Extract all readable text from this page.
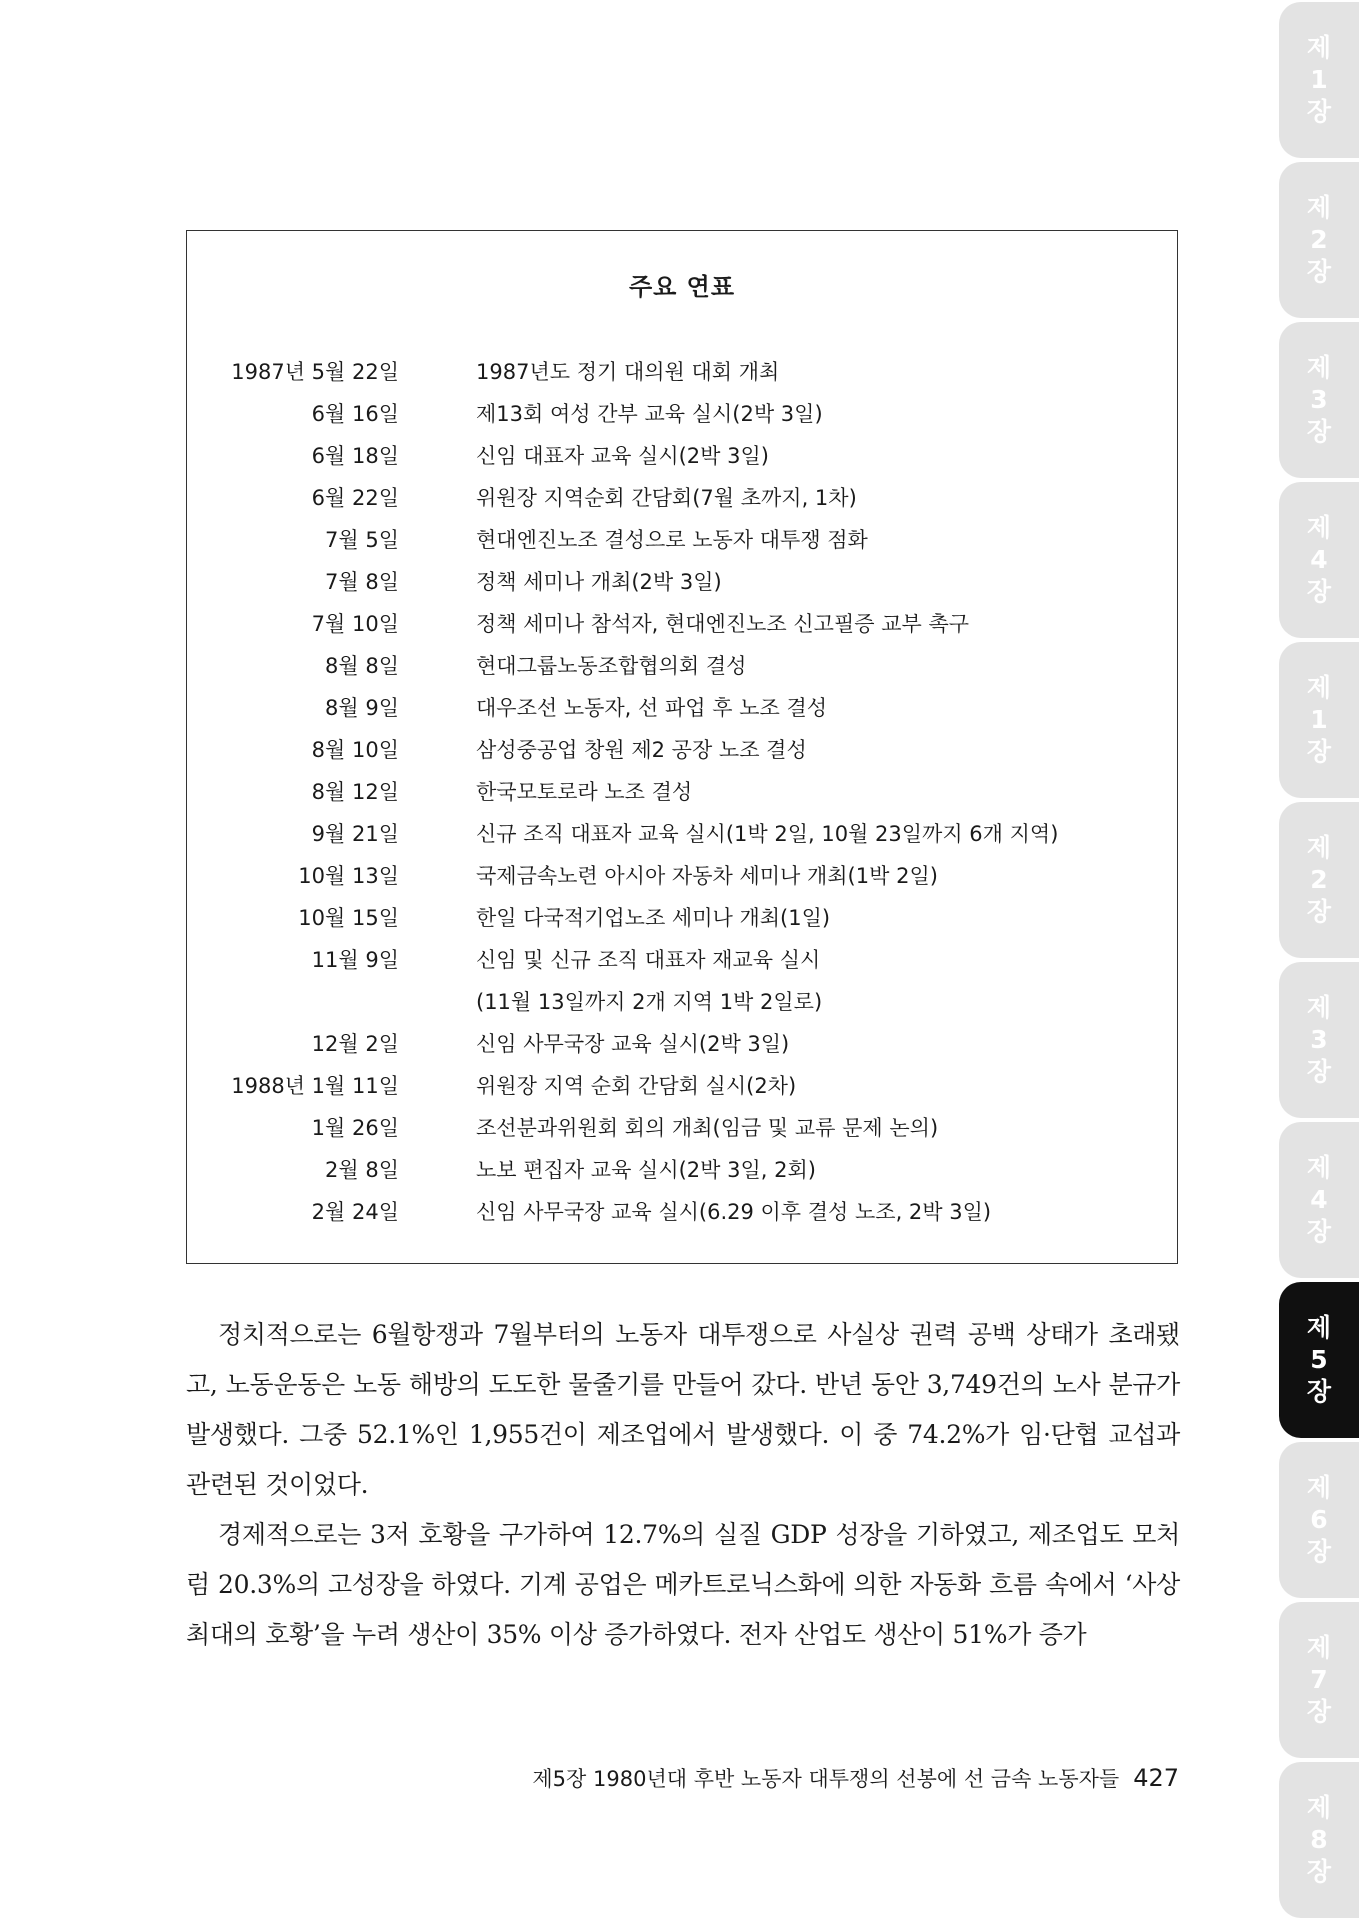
주요 연표
1987년 5월 22일	1987년도 정기 대의원 대회 개최
6월 16일	제13회 여성 간부 교육 실시(2박 3일)
6월 18일	신임 대표자 교육 실시(2박 3일)
6월 22일	위원장 지역순회 간담회(7월 초까지, 1차)
7월 5일	현대엔진노조 결성으로 노동자 대투쟁 점화
7월 8일	정책 세미나 개최(2박 3일)
7월 10일	정책 세미나 참석자, 현대엔진노조 신고필증 교부 촉구
8월 8일	현대그룹노동조합협의회 결성
8월 9일	대우조선 노동자, 선 파업 후 노조 결성
8월 10일	삼성중공업 창원 제2 공장 노조 결성
8월 12일	한국모토로라 노조 결성
9월 21일	신규 조직 대표자 교육 실시(1박 2일, 10월 23일까지 6개 지역)
10월 13일	국제금속노련 아시아 자동차 세미나 개최(1박 2일)
10월 15일	한일 다국적기업노조 세미나 개최(1일)
11월 9일	신임 및 신규 조직 대표자 재교육 실시
(11월 13일까지 2개 지역 1박 2일로)
12월 2일	신임 사무국장 교육 실시(2박 3일)
1988년 1월 11일	위원장 지역 순회 간담회 실시(2차)
1월 26일	조선분과위원회 회의 개최(임금 및 교류 문제 논의)
2월 8일	노보 편집자 교육 실시(2박 3일, 2회)
2월 24일	신임 사무국장 교육 실시(6.29 이후 결성 노조, 2박 3일)

정치적으로는 6월항쟁과 7월부터의 노동자 대투쟁으로 사실상 권력 공백 상태가 초래됐고, 노동운동은 노동 해방의 도도한 물줄기를 만들어 갔다. 반년 동안 3,749건의 노사 분규가 발생했다. 그중 52.1%인 1,955건이 제조업에서 발생했다. 이 중 74.2%가 임·단협 교섭과 관련된 것이었다.

경제적으로는 3저 호황을 구가하여 12.7%의 실질 GDP 성장을 기하였고, 제조업도 모처럼 20.3%의 고성장을 하였다. 기계 공업은 메카트로닉스화에 의한 자동화 흐름 속에서 ‘사상 최대의 호황’을 누려 생산이 35% 이상 증가하였다. 전자 산업도 생산이 51%가 증가

제5장 1980년대 후반 노동자 대투쟁의 선봉에 선 금속 노동자들 427
제
1
장
제
2
장
제
3
장
제
4
장
제
1
장
제
2
장
제
3
장
제
4
장
제
5
장
제
6
장
제
7
장
제
8
장
